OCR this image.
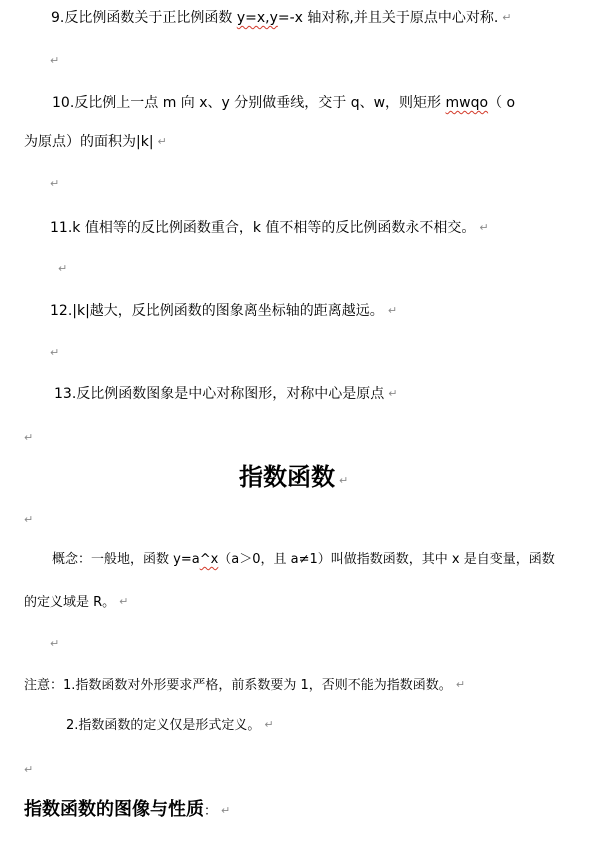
9.反比例函数关于正比例函数 y=x,y=-x 轴对称,并且关于原点中心对称. ↵
↵
10.反比例上一点 m 向 x、y 分别做垂线，交于 q、w，则矩形 mwqo（ o
为原点）的面积为|k| ↵
↵
11.k 值相等的反比例函数重合，k 值不相等的反比例函数永不相交。 ↵
↵
12.|k|越大，反比例函数的图象离坐标轴的距离越远。 ↵
↵
13.反比例函数图象是中心对称图形，对称中心是原点 ↵
↵
指数函数 ↵
↵
概念：一般地，函数 y=a^x（a＞0，且 a≠1）叫做指数函数，其中 x 是自变量，函数
的定义域是 R。 ↵
↵
注意：1.指数函数对外形要求严格，前系数要为 1，否则不能为指数函数。 ↵
2.指数函数的定义仅是形式定义。 ↵
↵
指数函数的图像与性质： ↵
